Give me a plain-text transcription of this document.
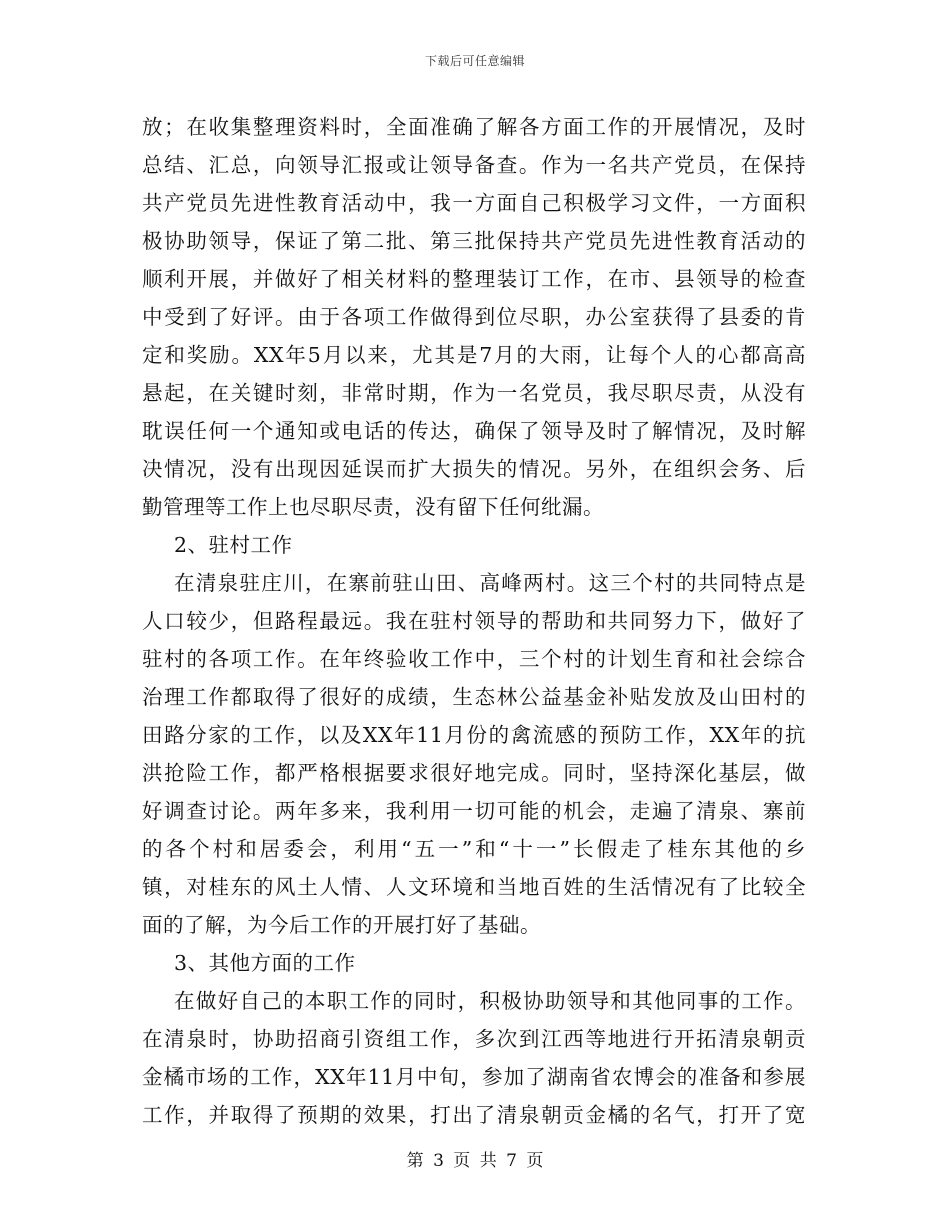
下载后可任意编辑
放；在收集整理资料时，全面准确了解各方面工作的开展情况，及时
总结、汇总，向领导汇报或让领导备查。作为一名共产党员，在保持
共产党员先进性教育活动中，我一方面自己积极学习文件，一方面积
极协助领导，保证了第二批、第三批保持共产党员先进性教育活动的
顺利开展，并做好了相关材料的整理装订工作，在市、县领导的检查
中受到了好评。由于各项工作做得到位尽职，办公室获得了县委的肯
定和奖励。XX年5月以来，尤其是7月的大雨，让每个人的心都高高
悬起，在关键时刻，非常时期，作为一名党员，我尽职尽责，从没有
耽误任何一个通知或电话的传达，确保了领导及时了解情况，及时解
决情况，没有出现因延误而扩大损失的情况。另外，在组织会务、后
勤管理等工作上也尽职尽责，没有留下任何纰漏。
2、驻村工作
在清泉驻庄川，在寨前驻山田、高峰两村。这三个村的共同特点是
人口较少，但路程最远。我在驻村领导的帮助和共同努力下，做好了
驻村的各项工作。在年终验收工作中，三个村的计划生育和社会综合
治理工作都取得了很好的成绩，生态林公益基金补贴发放及山田村的
田路分家的工作，以及XX年11月份的禽流感的预防工作，XX年的抗
洪抢险工作，都严格根据要求很好地完成。同时，坚持深化基层，做
好调查讨论。两年多来，我利用一切可能的机会，走遍了清泉、寨前
的各个村和居委会，利用“五一”和“十一”长假走了桂东其他的乡
镇，对桂东的风土人情、人文环境和当地百姓的生活情况有了比较全
面的了解，为今后工作的开展打好了基础。
3、其他方面的工作
在做好自己的本职工作的同时，积极协助领导和其他同事的工作。
在清泉时，协助招商引资组工作，多次到江西等地进行开拓清泉朝贡
金橘市场的工作，XX年11月中旬，参加了湖南省农博会的准备和参展
工作，并取得了预期的效果，打出了清泉朝贡金橘的名气，打开了宽
第 3 页 共 7 页
